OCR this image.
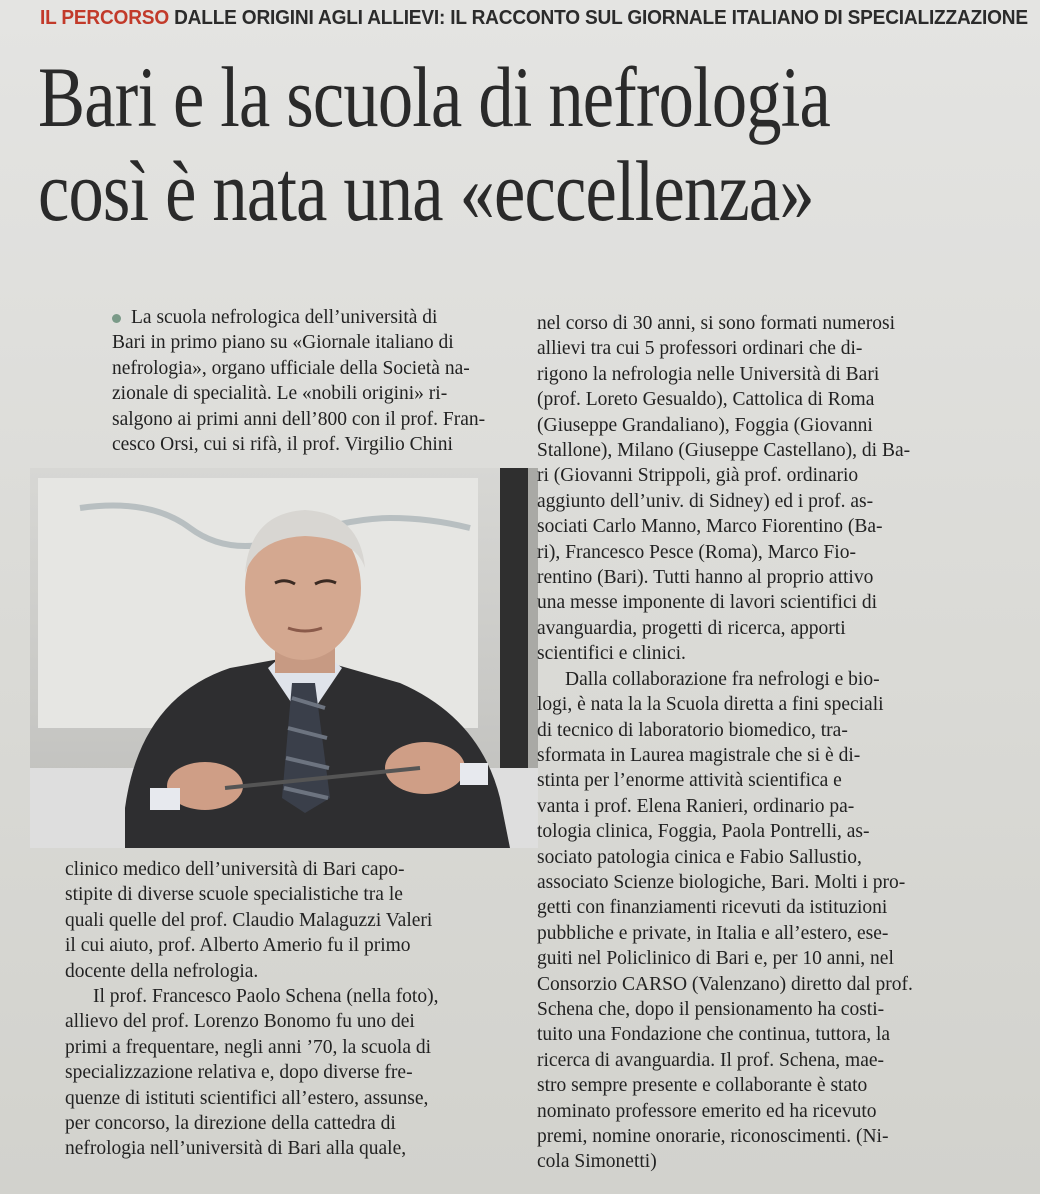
IL PERCORSO DALLE ORIGINI AGLI ALLIEVI: IL RACCONTO SUL GIORNALE ITALIANO DI SPECIALIZZAZIONE
Bari e la scuola di nefrologia
così è nata una «eccellenza»
La scuola nefrologica dell’università di
Bari in primo piano su «Giornale italiano di
nefrologia», organo ufficiale della Società na-
zionale di specialità. Le «nobili origini» ri-
salgono ai primi anni dell’800 con il prof. Fran-
cesco Orsi, cui si rifà, il prof. Virgilio Chini
clinico medico dell’università di Bari capo-
stipite di diverse scuole specialistiche tra le
quali quelle del prof. Claudio Malaguzzi Valeri
il cui aiuto, prof. Alberto Amerio fu il primo
docente della nefrologia.
Il prof. Francesco Paolo Schena (nella foto),
allievo del prof. Lorenzo Bonomo fu uno dei
primi a frequentare, negli anni ’70, la scuola di
specializzazione relativa e, dopo diverse fre-
quenze di istituti scientifici all’estero, assunse,
per concorso, la direzione della cattedra di
nefrologia nell’università di Bari alla quale,
nel corso di 30 anni, si sono formati numerosi
allievi tra cui 5 professori ordinari che di-
rigono la nefrologia nelle Università di Bari
(prof. Loreto Gesualdo), Cattolica di Roma
(Giuseppe Grandaliano), Foggia (Giovanni
Stallone), Milano (Giuseppe Castellano), di Ba-
ri (Giovanni Strippoli, già prof. ordinario
aggiunto dell’univ. di Sidney) ed i prof. as-
sociati Carlo Manno, Marco Fiorentino (Ba-
ri), Francesco Pesce (Roma), Marco Fio-
rentino (Bari). Tutti hanno al proprio attivo
una messe imponente di lavori scientifici di
avanguardia, progetti di ricerca, apporti
scientifici e clinici.
Dalla collaborazione fra nefrologi e bio-
logi, è nata la la Scuola diretta a fini speciali
di tecnico di laboratorio biomedico, tra-
sformata in Laurea magistrale che si è di-
stinta per l’enorme attività scientifica e
vanta i prof. Elena Ranieri, ordinario pa-
tologia clinica, Foggia, Paola Pontrelli, as-
sociato patologia cinica e Fabio Sallustio,
associato Scienze biologiche, Bari. Molti i pro-
getti con finanziamenti ricevuti da istituzioni
pubbliche e private, in Italia e all’estero, ese-
guiti nel Policlinico di Bari e, per 10 anni, nel
Consorzio CARSO (Valenzano) diretto dal prof.
Schena che, dopo il pensionamento ha costi-
tuito una Fondazione che continua, tuttora, la
ricerca di avanguardia. Il prof. Schena, mae-
stro sempre presente e collaborante è stato
nominato professore emerito ed ha ricevuto
premi, nomine onorarie, riconoscimenti. (Ni-
cola Simonetti)
